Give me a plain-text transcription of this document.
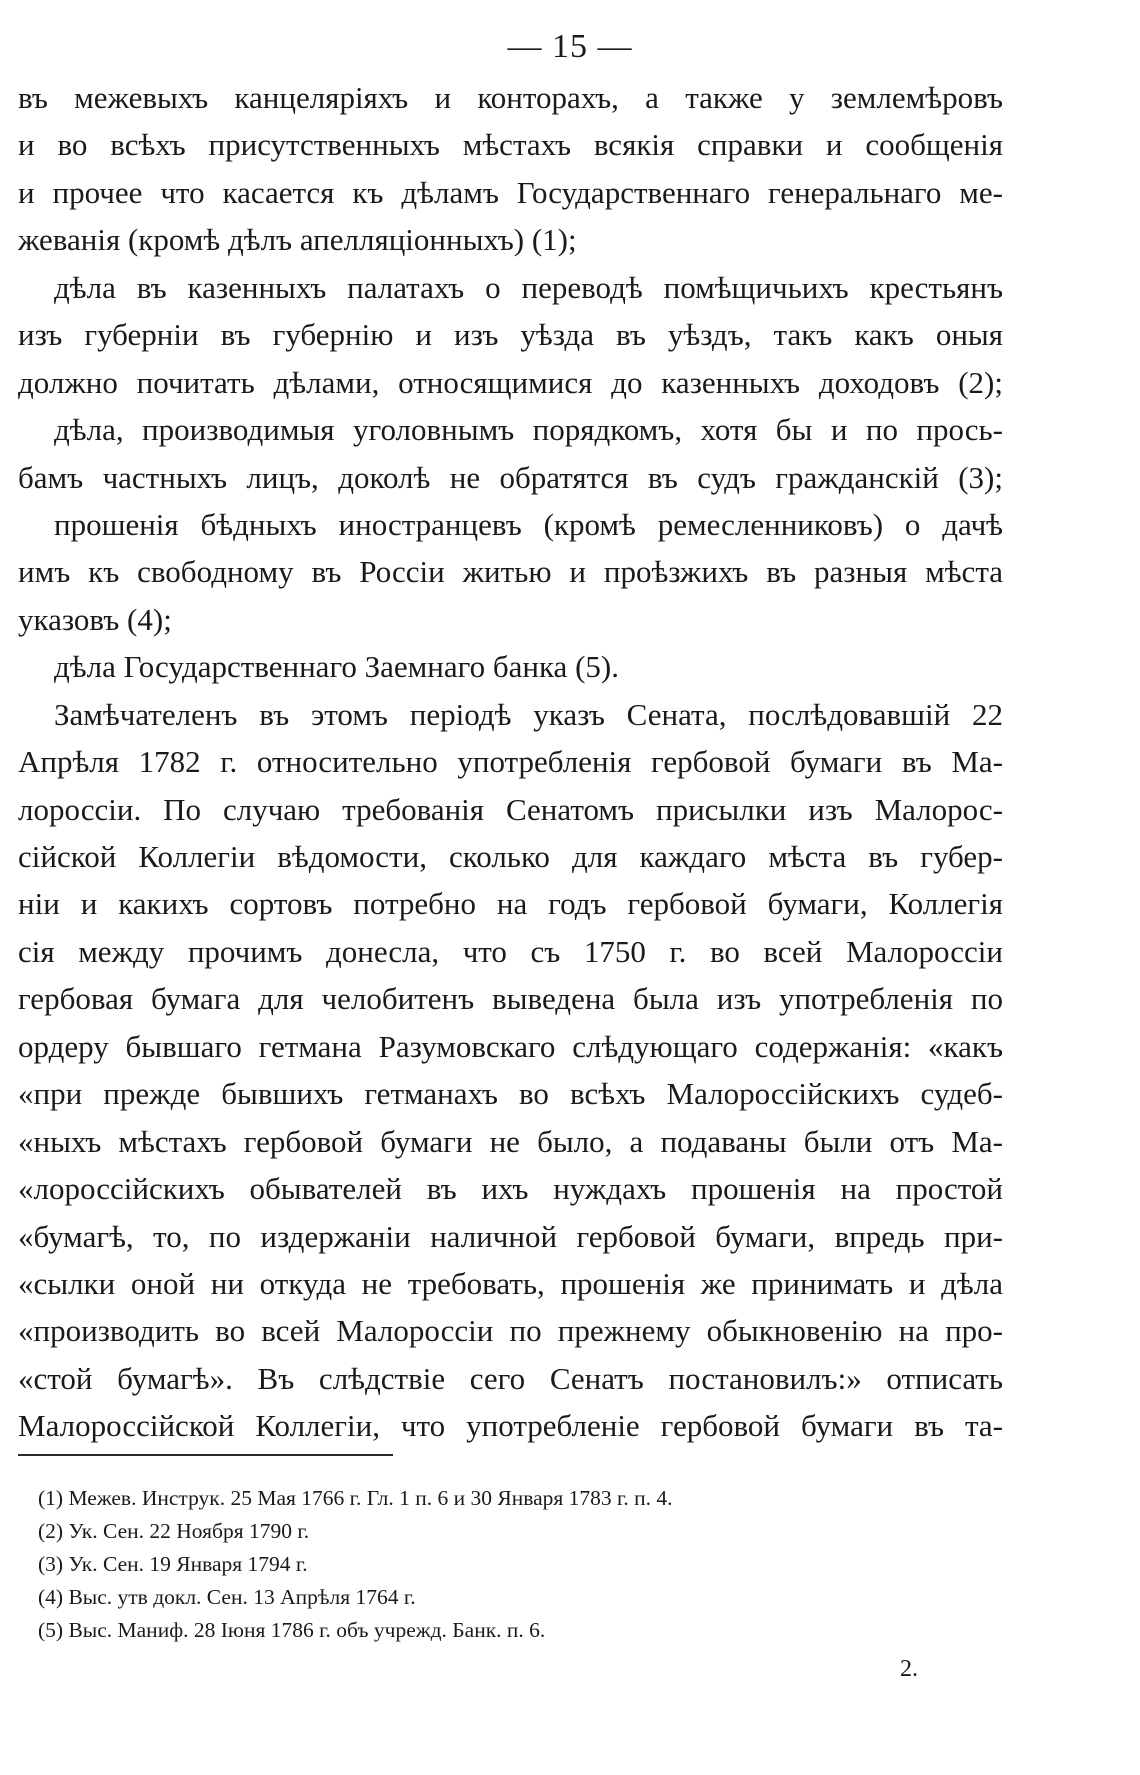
— 15 —
въ межевыхъ канцеляріяхъ и конторахъ, а также у землемѣровъ
и во всѣхъ присутственныхъ мѣстахъ всякія справки и сообщенія
и прочее что касается къ дѣламъ Государственнаго генеральнаго ме-
жеванія (кромѣ дѣлъ апелляціонныхъ) (1);
дѣла въ казенныхъ палатахъ о переводѣ помѣщичьихъ крестьянъ
изъ губерніи въ губернію и изъ уѣзда въ уѣздъ, такъ какъ оныя
должно почитать дѣлами, относящимися до казенныхъ доходовъ (2);
дѣла, производимыя уголовнымъ порядкомъ, хотя бы и по прось-
бамъ частныхъ лицъ, доколѣ не обратятся въ судъ гражданскій (3);
прошенія бѣдныхъ иностранцевъ (кромѣ ремесленниковъ) о дачѣ
имъ къ свободному въ Россіи житью и проѣзжихъ въ разныя мѣста
указовъ (4);
дѣла Государственнаго Заемнаго банка (5).
Замѣчателенъ въ этомъ періодѣ указъ Сената, послѣдовавшій 22
Апрѣля 1782 г. относительно употребленія гербовой бумаги въ Ма-
лороссіи. По случаю требованія Сенатомъ присылки изъ Малорос-
сійской Коллегіи вѣдомости, сколько для каждаго мѣста въ губер-
ніи и какихъ сортовъ потребно на годъ гербовой бумаги, Коллегія
сія между прочимъ донесла, что съ 1750 г. во всей Малороссіи
гербовая бумага для челобитенъ выведена была изъ употребленія по
ордеру бывшаго гетмана Разумовскаго слѣдующаго содержанія: «какъ
«при прежде бывшихъ гетманахъ во всѣхъ Малороссійскихъ судеб-
«ныхъ мѣстахъ гербовой бумаги не было, а подаваны были отъ Ма-
«лороссійскихъ обывателей въ ихъ нуждахъ прошенія на простой
«бумагѣ, то, по издержаніи наличной гербовой бумаги, впредь при-
«сылки оной ни откуда не требовать, прошенія же принимать и дѣла
«производить во всей Малороссіи по прежнему обыкновенію на про-
«стой бумагѣ». Въ слѣдствіе сего Сенатъ постановилъ:» отписать
Малороссійской Коллегіи, что употребленіе гербовой бумаги въ та-
(1) Межев. Инструк. 25 Мая 1766 г. Гл. 1 п. 6 и 30 Января 1783 г. п. 4.
(2) Ук. Сен. 22 Ноября 1790 г.
(3) Ук. Сен. 19 Января 1794 г.
(4) Выс. утв докл. Сен. 13 Апрѣля 1764 г.
(5) Выс. Маниф. 28 Іюня 1786 г. объ учрежд. Банк. п. 6.
2.
